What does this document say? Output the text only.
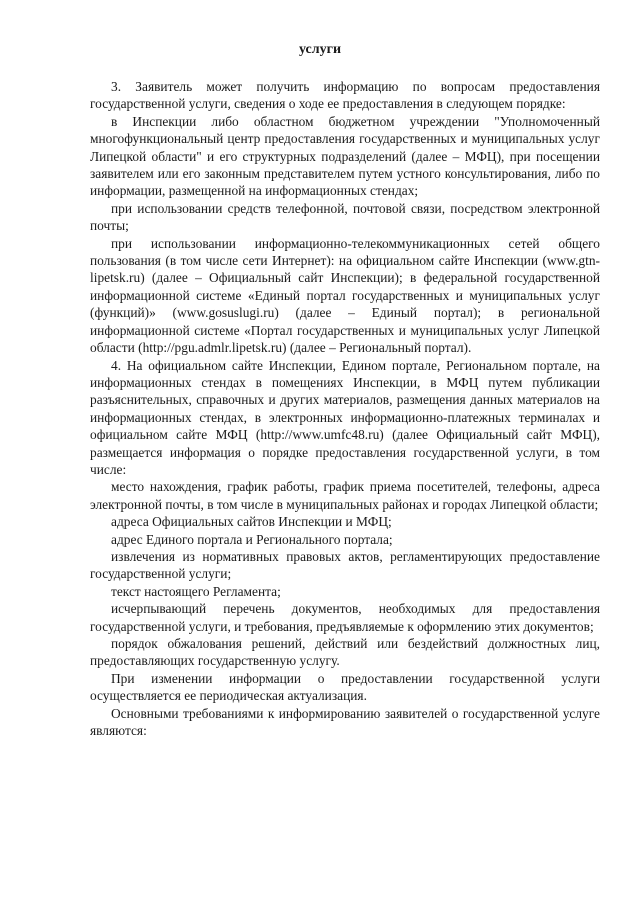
услуги

3. Заявитель может получить информацию по вопросам предоставления государственной услуги, сведения о ходе ее предоставления в следующем порядке:

в Инспекции либо областном бюджетном учреждении "Уполномоченный многофункциональный центр предоставления государственных и муниципальных услуг Липецкой области" и его структурных подразделений (далее – МФЦ), при посещении заявителем или его законным представителем путем устного консультирования, либо по информации, размещенной на информационных стендах;

при использовании средств телефонной, почтовой связи, посредством электронной почты;

при использовании информационно-телекоммуникационных сетей общего пользования (в том числе сети Интернет): на официальном сайте Инспекции (www.gtn-lipetsk.ru) (далее – Официальный сайт Инспекции); в федеральной государственной информационной системе «Единый портал государственных и муниципальных услуг (функций)» (www.gosuslugi.ru) (далее – Единый портал); в региональной информационной системе «Портал государственных и муниципальных услуг Липецкой области (http://pgu.admlr.lipetsk.ru) (далее – Региональный портал).

4. На официальном сайте Инспекции, Едином портале, Региональном портале, на информационных стендах в помещениях Инспекции, в МФЦ путем публикации разъяснительных, справочных и других материалов, размещения данных материалов на информационных стендах, в электронных информационно-платежных терминалах и официальном сайте МФЦ (http://www.umfc48.ru) (далее Официальный сайт МФЦ), размещается информация о порядке предоставления государственной услуги, в том числе:

место нахождения, график работы, график приема посетителей, телефоны, адреса электронной почты, в том числе в муниципальных районах и городах Липецкой области;

адреса Официальных сайтов Инспекции и МФЦ;

адрес Единого портала и Регионального портала;

извлечения из нормативных правовых актов, регламентирующих предоставление государственной услуги;

текст настоящего Регламента;

исчерпывающий перечень документов, необходимых для предоставления государственной услуги, и требования, предъявляемые к оформлению этих документов;

порядок обжалования решений, действий или бездействий должностных лиц, предоставляющих государственную услугу.

При изменении информации о предоставлении государственной услуги осуществляется ее периодическая актуализация.

Основными требованиями к информированию заявителей о государственной услуге являются:
